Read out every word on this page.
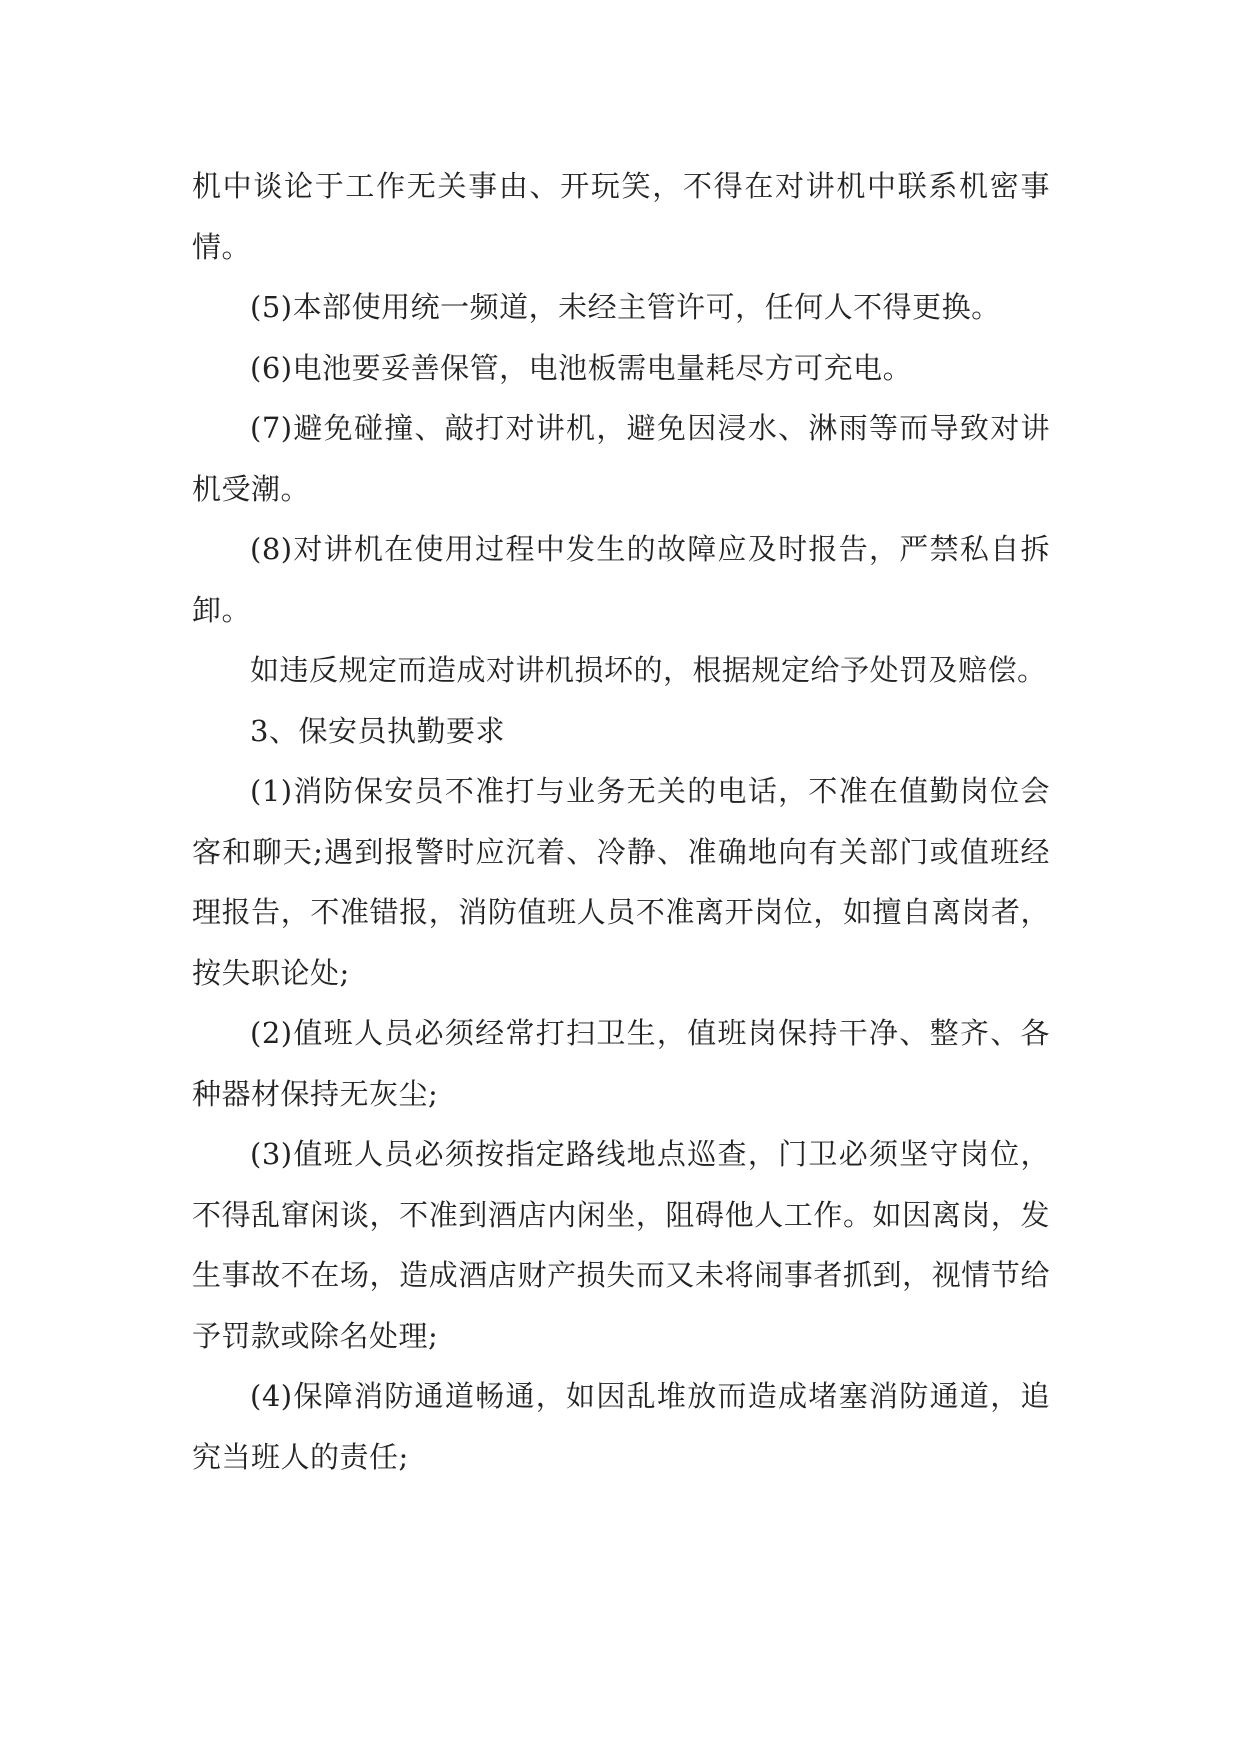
机中谈论于工作无关事由、开玩笑，不得在对讲机中联系机密事情。

(5)本部使用统一频道，未经主管许可，任何人不得更换。

(6)电池要妥善保管，电池板需电量耗尽方可充电。

(7)避免碰撞、敲打对讲机，避免因浸水、淋雨等而导致对讲机受潮。

(8)对讲机在使用过程中发生的故障应及时报告，严禁私自拆卸。

如违反规定而造成对讲机损坏的，根据规定给予处罚及赔偿。

3、保安员执勤要求

(1)消防保安员不准打与业务无关的电话，不准在值勤岗位会客和聊天;遇到报警时应沉着、冷静、准确地向有关部门或值班经理报告，不准错报，消防值班人员不准离开岗位，如擅自离岗者，按失职论处;

(2)值班人员必须经常打扫卫生，值班岗保持干净、整齐、各种器材保持无灰尘;

(3)值班人员必须按指定路线地点巡查，门卫必须坚守岗位，不得乱窜闲谈，不准到酒店内闲坐，阻碍他人工作。如因离岗，发生事故不在场，造成酒店财产损失而又未将闹事者抓到，视情节给予罚款或除名处理;

(4)保障消防通道畅通，如因乱堆放而造成堵塞消防通道，追究当班人的责任;
